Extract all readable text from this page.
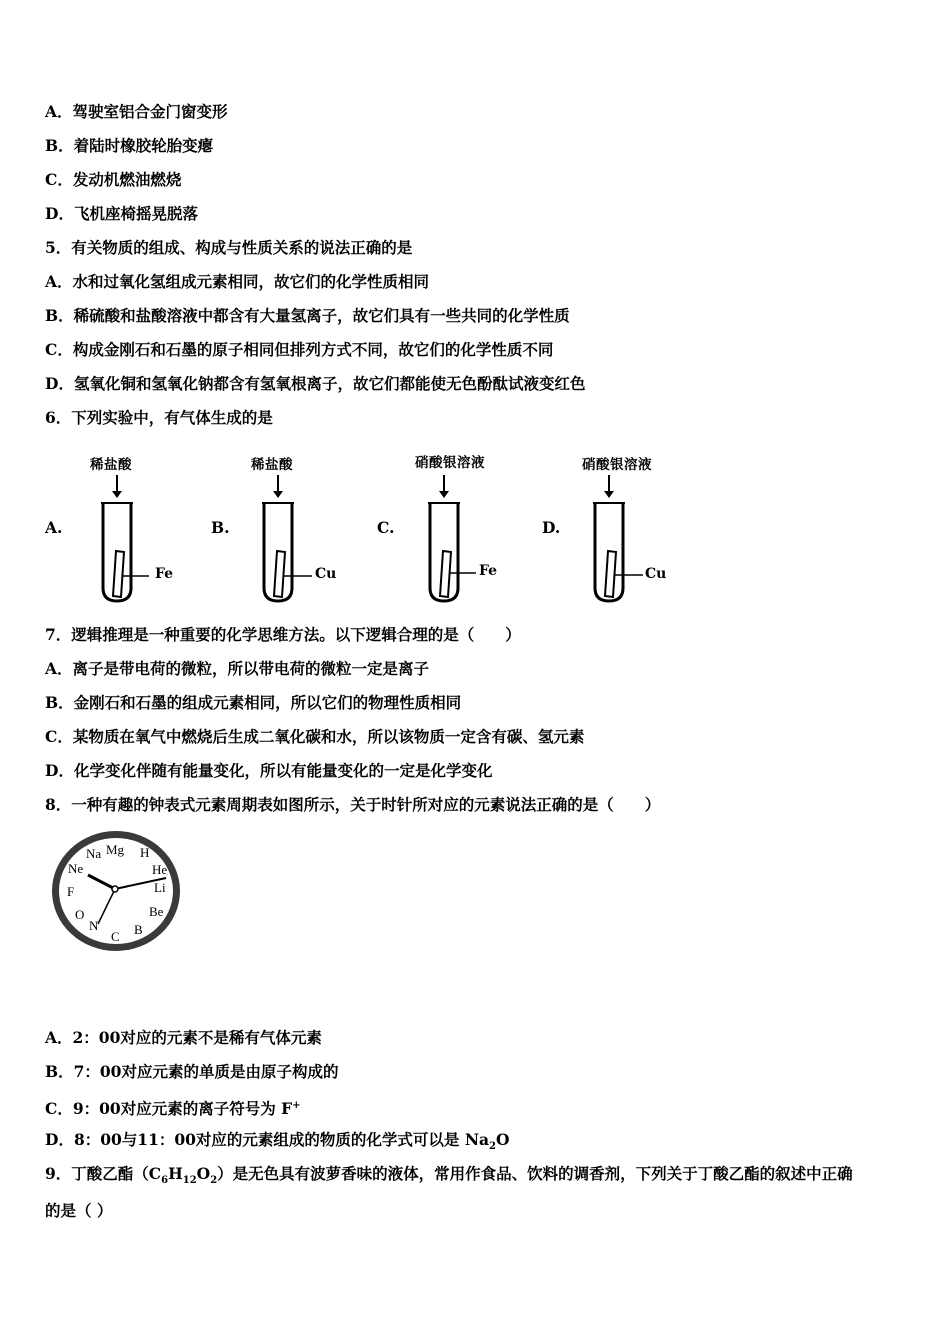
A．驾驶室铝合金门窗变形
B．着陆时橡胶轮胎变瘪
C．发动机燃油燃烧
D．飞机座椅摇晃脱落
5．有关物质的组成、构成与性质关系的说法正确的是
A．水和过氧化氢组成元素相同，故它们的化学性质相同
B．稀硫酸和盐酸溶液中都含有大量氢离子，故它们具有一些共同的化学性质
C．构成金刚石和石墨的原子相同但排列方式不同，故它们的化学性质不同
D．氢氧化铜和氢氧化钠都含有氢氧根离子，故它们都能使无色酚酞试液变红色
6．下列实验中，有气体生成的是
A.
稀盐酸
Fe
B.
稀盐酸
Cu
C.
硝酸银溶液
Fe
D.
硝酸银溶液
Cu
7．逻辑推理是一种重要的化学思维方法。以下逻辑合理的是（　　）
A．离子是带电荷的微粒，所以带电荷的微粒一定是离子
B．金刚石和石墨的组成元素相同，所以它们的物理性质相同
C．某物质在氧气中燃烧后生成二氧化碳和水，所以该物质一定含有碳、氢元素
D．化学变化伴随有能量变化，所以有能量变化的一定是化学变化
8．一种有趣的钟表式元素周期表如图所示，关于时针所对应的元素说法正确的是（　　）
H
He
Li
Be
B
C
N
O
F
Ne
Na Mg
A．2：00对应的元素不是稀有气体元素
B．7：00对应元素的单质是由原子构成的
C．9：00对应元素的离子符号为 F+
D．8：00与11：00对应的元素组成的物质的化学式可以是 $Na_2O$
9．丁酸乙酯$(C_6H_{12}O_2)$是无色具有波萝香味的液体，常用作食品、饮料的调香剂，下列关于丁酸乙酯的叙述中正确
的是（ ）
